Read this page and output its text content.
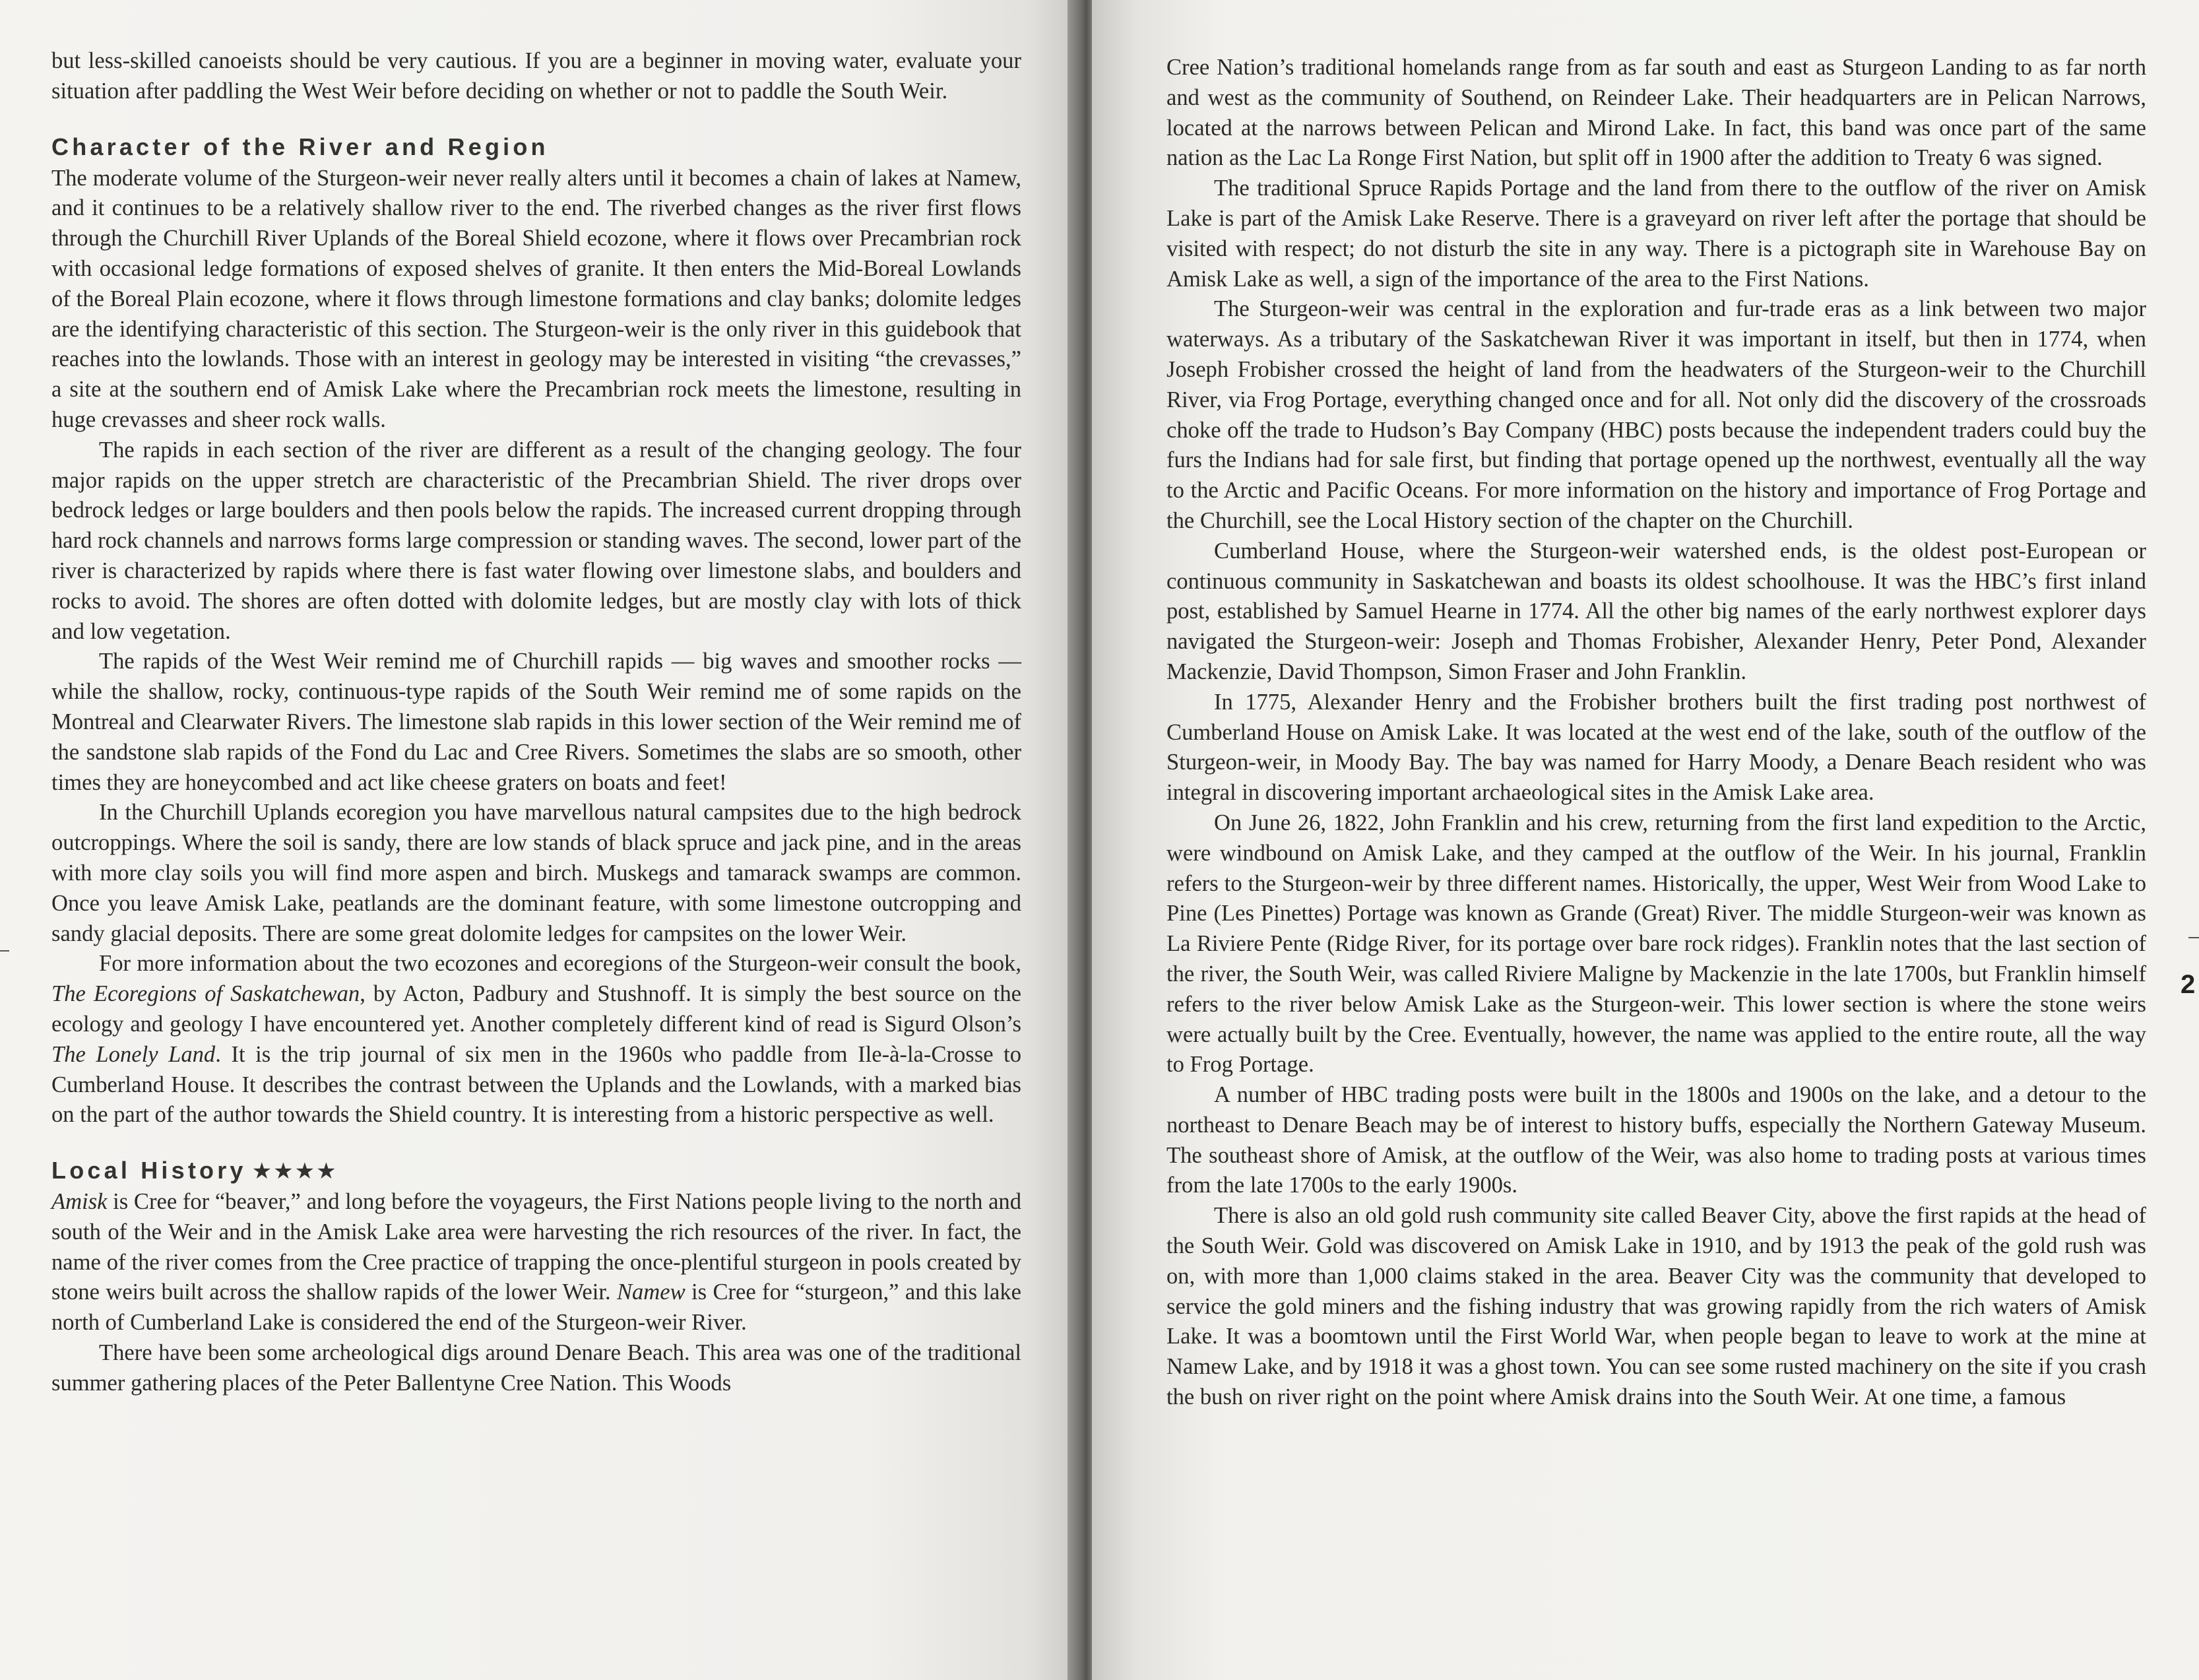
but less-skilled canoeists should be very cautious. If you are a beginner in moving water, evaluate your situation after paddling the West Weir before deciding on whether or not to paddle the South Weir.

Character of the River and Region

The moderate volume of the Sturgeon-weir never really alters until it becomes a chain of lakes at Namew, and it continues to be a relatively shallow river to the end. The riverbed changes as the river first flows through the Churchill River Uplands of the Boreal Shield ecozone, where it flows over Precambrian rock with occasional ledge formations of exposed shelves of granite. It then enters the Mid-Boreal Lowlands of the Boreal Plain ecozone, where it flows through limestone formations and clay banks; dolomite ledges are the identifying characteristic of this section. The Sturgeon-weir is the only river in this guidebook that reaches into the lowlands. Those with an interest in geology may be interested in visiting “the crevasses,” a site at the southern end of Amisk Lake where the Precambrian rock meets the limestone, resulting in huge crevasses and sheer rock walls.

The rapids in each section of the river are different as a result of the changing geology. The four major rapids on the upper stretch are characteristic of the Precambrian Shield. The river drops over bedrock ledges or large boulders and then pools below the rapids. The increased current dropping through hard rock channels and narrows forms large compression or standing waves. The second, lower part of the river is characterized by rapids where there is fast water flowing over limestone slabs, and boulders and rocks to avoid. The shores are often dotted with dolomite ledges, but are mostly clay with lots of thick and low vegetation.

The rapids of the West Weir remind me of Churchill rapids — big waves and smoother rocks — while the shallow, rocky, continuous-type rapids of the South Weir remind me of some rapids on the Montreal and Clearwater Rivers. The limestone slab rapids in this lower section of the Weir remind me of the sandstone slab rapids of the Fond du Lac and Cree Rivers. Sometimes the slabs are so smooth, other times they are honeycombed and act like cheese graters on boats and feet!

In the Churchill Uplands ecoregion you have marvellous natural campsites due to the high bedrock outcroppings. Where the soil is sandy, there are low stands of black spruce and jack pine, and in the areas with more clay soils you will find more aspen and birch. Muskegs and tamarack swamps are common. Once you leave Amisk Lake, peatlands are the dominant feature, with some limestone outcropping and sandy glacial deposits. There are some great dolomite ledges for campsites on the lower Weir.

For more information about the two ecozones and ecoregions of the Sturgeon-weir consult the book, The Ecoregions of Saskatchewan, by Acton, Padbury and Stushnoff. It is simply the best source on the ecology and geology I have encountered yet. Another completely different kind of read is Sigurd Olson’s The Lonely Land. It is the trip journal of six men in the 1960s who paddle from Ile-à-la-Crosse to Cumberland House. It describes the contrast between the Uplands and the Lowlands, with a marked bias on the part of the author towards the Shield country. It is interesting from a historic perspective as well.

Local History ★★★★

Amisk is Cree for “beaver,” and long before the voyageurs, the First Nations people living to the north and south of the Weir and in the Amisk Lake area were harvesting the rich resources of the river. In fact, the name of the river comes from the Cree practice of trapping the once-plentiful sturgeon in pools created by stone weirs built across the shallow rapids of the lower Weir. Namew is Cree for “sturgeon,” and this lake north of Cumberland Lake is considered the end of the Sturgeon-weir River.

There have been some archeological digs around Denare Beach. This area was one of the traditional summer gathering places of the Peter Ballentyne Cree Nation. This Woods

Cree Nation’s traditional homelands range from as far south and east as Sturgeon Landing to as far north and west as the community of Southend, on Reindeer Lake. Their headquarters are in Pelican Narrows, located at the narrows between Pelican and Mirond Lake. In fact, this band was once part of the same nation as the Lac La Ronge First Nation, but split off in 1900 after the addition to Treaty 6 was signed.

The traditional Spruce Rapids Portage and the land from there to the outflow of the river on Amisk Lake is part of the Amisk Lake Reserve. There is a graveyard on river left after the portage that should be visited with respect; do not disturb the site in any way. There is a pictograph site in Warehouse Bay on Amisk Lake as well, a sign of the importance of the area to the First Nations.

The Sturgeon-weir was central in the exploration and fur-trade eras as a link between two major waterways. As a tributary of the Saskatchewan River it was important in itself, but then in 1774, when Joseph Frobisher crossed the height of land from the headwaters of the Sturgeon-weir to the Churchill River, via Frog Portage, everything changed once and for all. Not only did the discovery of the crossroads choke off the trade to Hudson’s Bay Company (HBC) posts because the independent traders could buy the furs the Indians had for sale first, but finding that portage opened up the northwest, eventually all the way to the Arctic and Pacific Oceans. For more information on the history and importance of Frog Portage and the Churchill, see the Local History section of the chapter on the Churchill.

Cumberland House, where the Sturgeon-weir watershed ends, is the oldest post-European or continuous community in Saskatchewan and boasts its oldest schoolhouse. It was the HBC’s first inland post, established by Samuel Hearne in 1774. All the other big names of the early northwest explorer days navigated the Sturgeon-weir: Joseph and Thomas Frobisher, Alexander Henry, Peter Pond, Alexander Mackenzie, David Thompson, Simon Fraser and John Franklin.

In 1775, Alexander Henry and the Frobisher brothers built the first trading post northwest of Cumberland House on Amisk Lake. It was located at the west end of the lake, south of the outflow of the Sturgeon-weir, in Moody Bay. The bay was named for Harry Moody, a Denare Beach resident who was integral in discovering important archaeological sites in the Amisk Lake area.

On June 26, 1822, John Franklin and his crew, returning from the first land expedition to the Arctic, were windbound on Amisk Lake, and they camped at the outflow of the Weir. In his journal, Franklin refers to the Sturgeon-weir by three different names. Historically, the upper, West Weir from Wood Lake to Pine (Les Pinettes) Portage was known as Grande (Great) River. The middle Sturgeon-weir was known as La Riviere Pente (Ridge River, for its portage over bare rock ridges). Franklin notes that the last section of the river, the South Weir, was called Riviere Maligne by Mackenzie in the late 1700s, but Franklin himself refers to the river below Amisk Lake as the Sturgeon-weir. This lower section is where the stone weirs were actually built by the Cree. Eventually, however, the name was applied to the entire route, all the way to Frog Portage.

A number of HBC trading posts were built in the 1800s and 1900s on the lake, and a detour to the northeast to Denare Beach may be of interest to history buffs, especially the Northern Gateway Museum. The southeast shore of Amisk, at the outflow of the Weir, was also home to trading posts at various times from the late 1700s to the early 1900s.

There is also an old gold rush community site called Beaver City, above the first rapids at the head of the South Weir. Gold was discovered on Amisk Lake in 1910, and by 1913 the peak of the gold rush was on, with more than 1,000 claims staked in the area. Beaver City was the community that developed to service the gold miners and the fishing industry that was growing rapidly from the rich waters of Amisk Lake. It was a boomtown until the First World War, when people began to leave to work at the mine at Namew Lake, and by 1918 it was a ghost town. You can see some rusted machinery on the site if you crash the bush on river right on the point where Amisk drains into the South Weir. At one time, a famous

2
